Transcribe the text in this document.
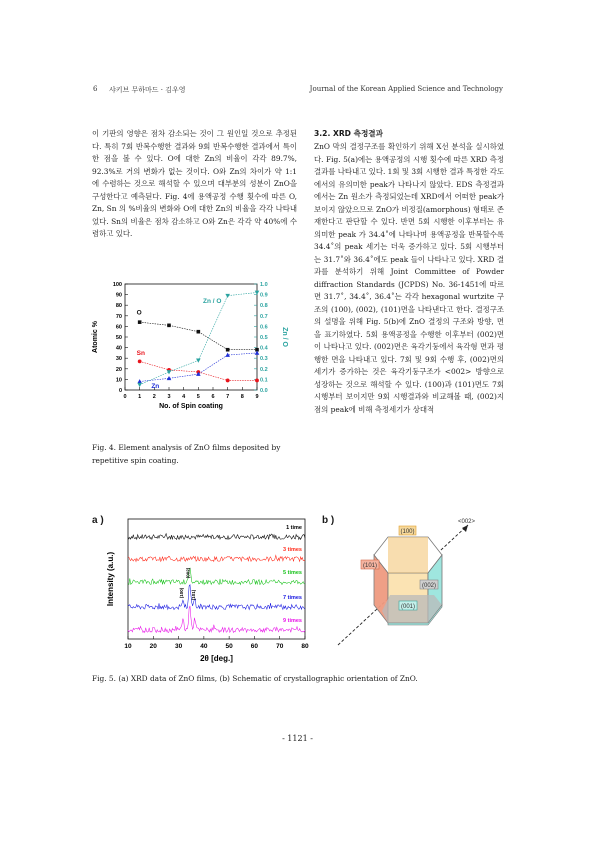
6 샤키브 무하마드 · 김우영	Journal of the Korean Applied Science and Technology

이 기판의 영향은 점차 감소되는 것이 그 원인일 것으로 추정된다. 특히 7회 반복수행한 결과와 9회 반복수행한 결과에서 특이한 점을 볼 수 있다. O에 대한 Zn의 비율이 각각 89.7%, 92.3%로 거의 변화가 없는 것이다. O와 Zn의 차이가 약 1:1 에 수렴하는 것으로 해석할 수 있으며 대부분의 성분이 ZnO을 구성한다고 예측된다. Fig. 4에 용액공정 수행 횟수에 따른 O, Zn, Sn 의 %비율의 변화와 O에 대한 Zn의 비율을 각각 나타내었다. Sn의 비율은 점차 감소하고 O와 Zn은 각각 약 40%에 수렴하고 있다.

0
10
20
30
40
50
60
70
80
90
100
0.0
0.1
0.2
0.3
0.4
0.5
0.6
0.7
0.8
0.9
1.0
0 1 2 3 4 5 6 7 8 9
No. of Spin coating
Atomic %	Zn / O
O
Sn
Zn
Zn / O

Fig. 4. Element analysis of ZnO films deposited by repetitive spin coating.

3.2. XRD 측정결과

ZnO 막의 결정구조를 확인하기 위해 X선 분석을 실시하였다. Fig. 5(a)에는 용액공정의 시행 횟수에 따른 XRD 측정 결과를 나타내고 있다. 1회 및 3회 시행한 결과 특정한 각도에서의 유의미한 peak가 나타나지 않았다. EDS 측정결과에서는 Zn 원소가 측정되었는데 XRD에서 어떠한 peak가 보이지 않았으므로 ZnO가 비정질(amorphous) 형태로 존재한다고 판단할 수 있다. 반면 5회 시행한 이후부터는 유의미한 peak 가 34.4˚에 나타나며 용액공정을 반복할수록 34.4˚의 peak 세기는 더욱 증가하고 있다. 5회 시행부터는 31.7˚와 36.4˚에도 peak 들이 나타나고 있다. XRD 결과를 분석하기 위해 Joint Committee of Powder diffraction Standards (JCPDS) No. 36-1451에 따르면 31.7˚, 34.4˚, 36.4˚는 각각 hexagonal wurtzite 구조의 (100), (002), (101)면을 나타낸다고 한다. 결정구조의 설명을 위해 Fig. 5(b)에 ZnO 결정의 구조와 방향, 면을 표기하였다. 5회 용액공정을 수행한 이후부터 (002)면이 나타나고 있다. (002)면은 육각기둥에서 육각형 면과 평행한 면을 나타내고 있다. 7회 및 9회 수행 후, (002)면의 세기가 증가하는 것은 육각기둥구조가 <002> 방향으로 성장하는 것으로 해석할 수 있다. (100)과 (101)면도 7회 시행부터 보이지만 9회 시행결과와 비교해볼 때, (002)지점의 peak에 비해 측정세기가 상대적

a )
10	20	30	40	50	60	70	80
2θ [deg.]
Intensity (a.u.)
1 time
3 times
5 times
7 times
9 times
(100)
(002)
(101)
b )
(100)
(101)
(002)
(001)
<002>

Fig. 5. (a) XRD data of ZnO films, (b) Schematic of crystallographic orientation of ZnO.

- 1121 -
